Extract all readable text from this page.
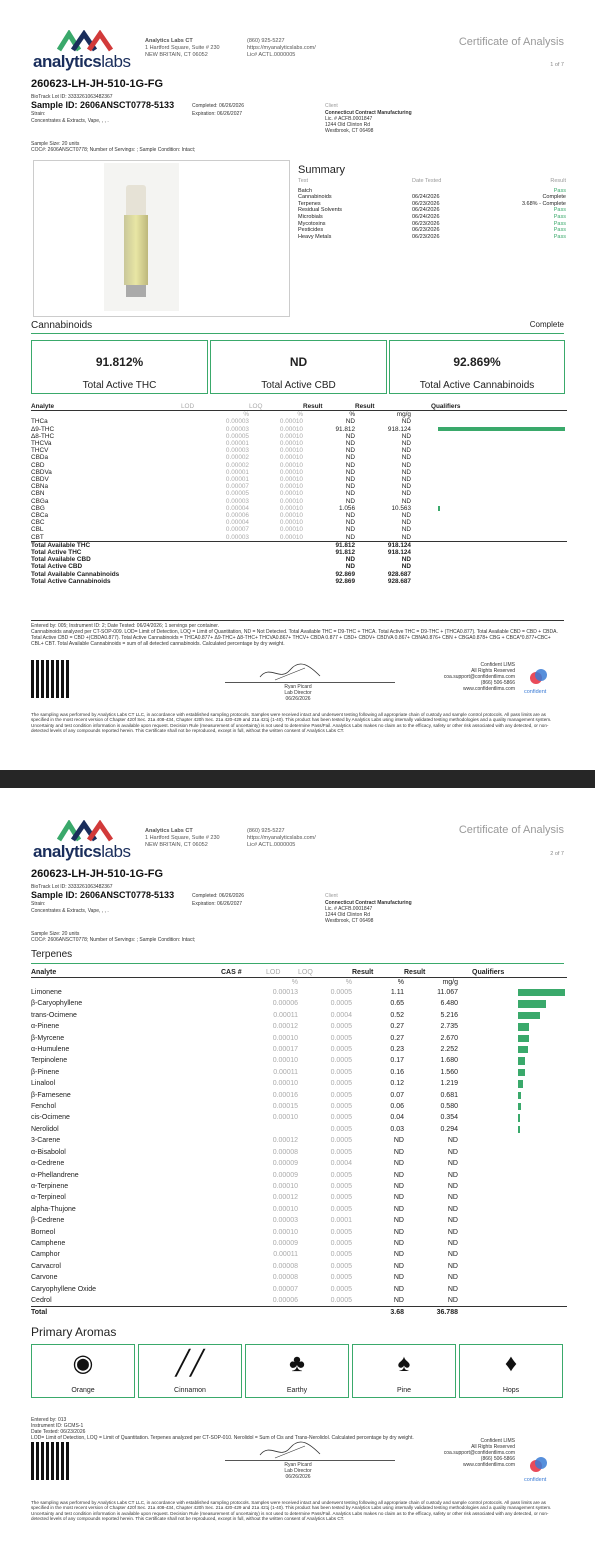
analyticslabs
Analytics Labs CT
1 Hartford Square, Suite # 230
NEW BRITAIN, CT 06052
(860) 925-5227
https://myanalyticslabs.com/
Lic# ACTL.0000005
Certificate of Analysis
1 of 7
260623-LH-JH-510-1G-FG
BioTrack Lot ID: 3333261063482367
Sample ID: 2606ANSCT0778-5133
Strain:
Concentrates & Extracts, Vape, , , .
Completed: 06/26/2026
Expiration: 06/26/2027
Client
Connecticut Contract Manufacturing
Lic. # ACFB.0001847
1244 Old Clinton Rd
Westbrook, CT 06498
Sample Size: 20 units
COC#: 2606ANSCT0778; Number of Servings: ; Sample Condition: Intact;
Summary
Test	Date Tested	Result
Batch	Pass
Cannabinoids	06/24/2026	Complete
Terpenes	06/23/2026	3.68% - Complete
Residual Solvents	06/24/2026	Pass
Microbials	06/24/2026	Pass
Mycotoxins	06/23/2026	Pass
Pesticides	06/23/2026	Pass
Heavy Metals	06/23/2026	Pass
Cannabinoids	Complete
91.812%
Total Active THC
ND
Total Active CBD
92.869%
Total Active Cannabinoids
Analyte	LOD	LOQ	Result	Result	Qualifiers
	%	%	%	mg/g	
THCa	0.00003	0.00010	ND	ND	
Δ9-THC	0.00003	0.00010	91.812	918.124	
Δ8-THC	0.00005	0.00010	ND	ND	
THCVa	0.00001	0.00010	ND	ND	
THCV	0.00003	0.00010	ND	ND	
CBDa	0.00002	0.00010	ND	ND	
CBD	0.00002	0.00010	ND	ND	
CBDVa	0.00001	0.00010	ND	ND	
CBDV	0.00001	0.00010	ND	ND	
CBNa	0.00007	0.00010	ND	ND	
CBN	0.00005	0.00010	ND	ND	
CBGa	0.00003	0.00010	ND	ND	
CBG	0.00004	0.00010	1.056	10.563	
CBCa	0.00006	0.00010	ND	ND	
CBC	0.00004	0.00010	ND	ND	
CBL	0.00007	0.00010	ND	ND	
CBT	0.00003	0.00010	ND	ND	
Total Available THC			91.812	918.124	
Total Active THC			91.812	918.124	
Total Available CBD			ND	ND	
Total Active CBD			ND	ND	
Total Available Cannabinoids			92.869	928.687	
Total Active Cannabinoids			92.869	928.687	
Entered by: 005; Instrument ID: 2; Date Tested: 06/24/2026; 1 servings per container.
Cannabinoids analyzed per CT-SOP-009. LOD= Limit of Detection, LOQ = Limit of Quantitation, ND = Not Detected. Total Available THC = D9-THC + THCA. Total Active THC = D9-THC + (THCA0.877). Total Available CBD = CBD + CBDA. Total Active CBD = CBD +(CBDA0.877). Total Active Cannabinoids = THCA0.877+ Δ9-THC+ Δ8-THC+ THCVA0.867+ THCV+ CBDA 0.877 + CBD+ CBDV+ CBDVA 0.867+ CBNA0.876+ CBN + CBGA0.878+ CBG + CBCA*0.877+CBC+ CBL+ CBT. Total Available Cannabinoids = sum of all detected cannabinoids. Calculated percentage by dry weight.
Ryan Picard
Lab Director
06/26/2026
Confident LIMS
All Rights Reserved
coa.support@confidentlims.com
(866) 506-5866
www.confidentlims.com confident
The sampling was performed by Analytics Labs CT LLC, in accordance with established sampling protocols. Samples were received intact and underwent testing following all appropriate chain of custody and sample control protocols. All pass limits are as specified in the most recent version of Chapter 420f Sec. 21a 408-434, Chapter 420h Sec. 21a 420-429 and 21a 421j (1-40). This product has been tested by Analytics Labs using internally validated testing methodologies and a quality management system. Uncertainty and test condition information is available upon request. Decision Rule (measurement of uncertainty) is not used to determine Pass/Fail. Analytics Labs makes no claim as to the efficacy, safety or other risk associated with any detected, or non-detected levels of any compounds reported herein. This Certificate shall not be reproduced, except in full, without the written consent of Analytics Labs CT.
analyticslabs
Analytics Labs CT
1 Hartford Square, Suite # 230
NEW BRITAIN, CT 06052
(860) 925-5227
https://myanalyticslabs.com/
Lic# ACTL.0000005
Certificate of Analysis
2 of 7
260623-LH-JH-510-1G-FG
BioTrack Lot ID: 3333261063482367
Sample ID: 2606ANSCT0778-5133
Strain:
Concentrates & Extracts, Vape, , , .
Completed: 06/26/2026
Expiration: 06/26/2027
Client
Connecticut Contract Manufacturing
Lic. # ACFB.0001847
1244 Old Clinton Rd
Westbrook, CT 06498
Sample Size: 20 units
COC#: 2606ANSCT0778; Number of Servings: ; Sample Condition: Intact;
Terpenes
Analyte	CAS #	LOD	LOQ	Result	Result	Qualifiers
		%	%	%	mg/g	
Limonene		0.00013	0.0005	1.11	11.067	
β-Caryophyllene		0.00006	0.0005	0.65	6.480	
trans-Ocimene		0.00011	0.0004	0.52	5.216	
α-Pinene		0.00012	0.0005	0.27	2.735	
β-Myrcene		0.00010	0.0005	0.27	2.670	
α-Humulene		0.00017	0.0005	0.23	2.252	
Terpinolene		0.00010	0.0005	0.17	1.680	
β-Pinene		0.00011	0.0005	0.16	1.560	
Linalool		0.00010	0.0005	0.12	1.219	
β-Farnesene		0.00016	0.0005	0.07	0.681	
Fenchol		0.00015	0.0005	0.06	0.580	
cis-Ocimene		0.00010	0.0005	0.04	0.354	
Nerolidol			0.0005	0.03	0.294	
3-Carene		0.00012	0.0005	ND	ND	
α-Bisabolol		0.00008	0.0005	ND	ND	
α-Cedrene		0.00009	0.0004	ND	ND	
α-Phellandrene		0.00009	0.0005	ND	ND	
α-Terpinene		0.00010	0.0005	ND	ND	
α-Terpineol		0.00012	0.0005	ND	ND	
alpha-Thujone		0.00010	0.0005	ND	ND	
β-Cedrene		0.00003	0.0001	ND	ND	
Borneol		0.00010	0.0005	ND	ND	
Camphene		0.00009	0.0005	ND	ND	
Camphor		0.00011	0.0005	ND	ND	
Carvacrol		0.00008	0.0005	ND	ND	
Carvone		0.00008	0.0005	ND	ND	
Caryophyllene Oxide		0.00007	0.0005	ND	ND	
Cedrol		0.00006	0.0005	ND	ND	
Total				3.68	36.788	
Primary Aromas
◉
Orange
╱╱
Cinnamon
♣
Earthy
♠
Pine
♦
Hops
Entered by: 013
Instrument ID: GCMS-1
Date Tested: 06/23/2026
LOD= Limit of Detection, LOQ = Limit of Quantitation. Terpenes analyzed per CT-SOP-010. Nerolidol = Sum of Cis and Trans-Nerolidol. Calculated percentage by dry weight.
Ryan Picard
Lab Director
06/26/2026
Confident LIMS
All Rights Reserved
coa.support@confidentlims.com
(866) 506-5866
www.confidentlims.com
confident
The sampling was performed by Analytics Labs CT LLC, in accordance with established sampling protocols. Samples were received intact and underwent testing following all appropriate chain of custody and sample control protocols. All pass limits are as specified in the most recent version of Chapter 420f Sec. 21a 408-434, Chapter 420h Sec. 21a 420-429 and 21a 421j (1-40). This product has been tested by Analytics Labs using internally validated testing methodologies and a quality management system. Uncertainty and test condition information is available upon request. Decision Rule (measurement of uncertainty) is not used to determine Pass/Fail. Analytics Labs makes no claim as to the efficacy, safety or other risk associated with any detected, or non-detected levels of any compounds reported herein. This Certificate shall not be reproduced, except in full, without the written consent of Analytics Labs CT.
